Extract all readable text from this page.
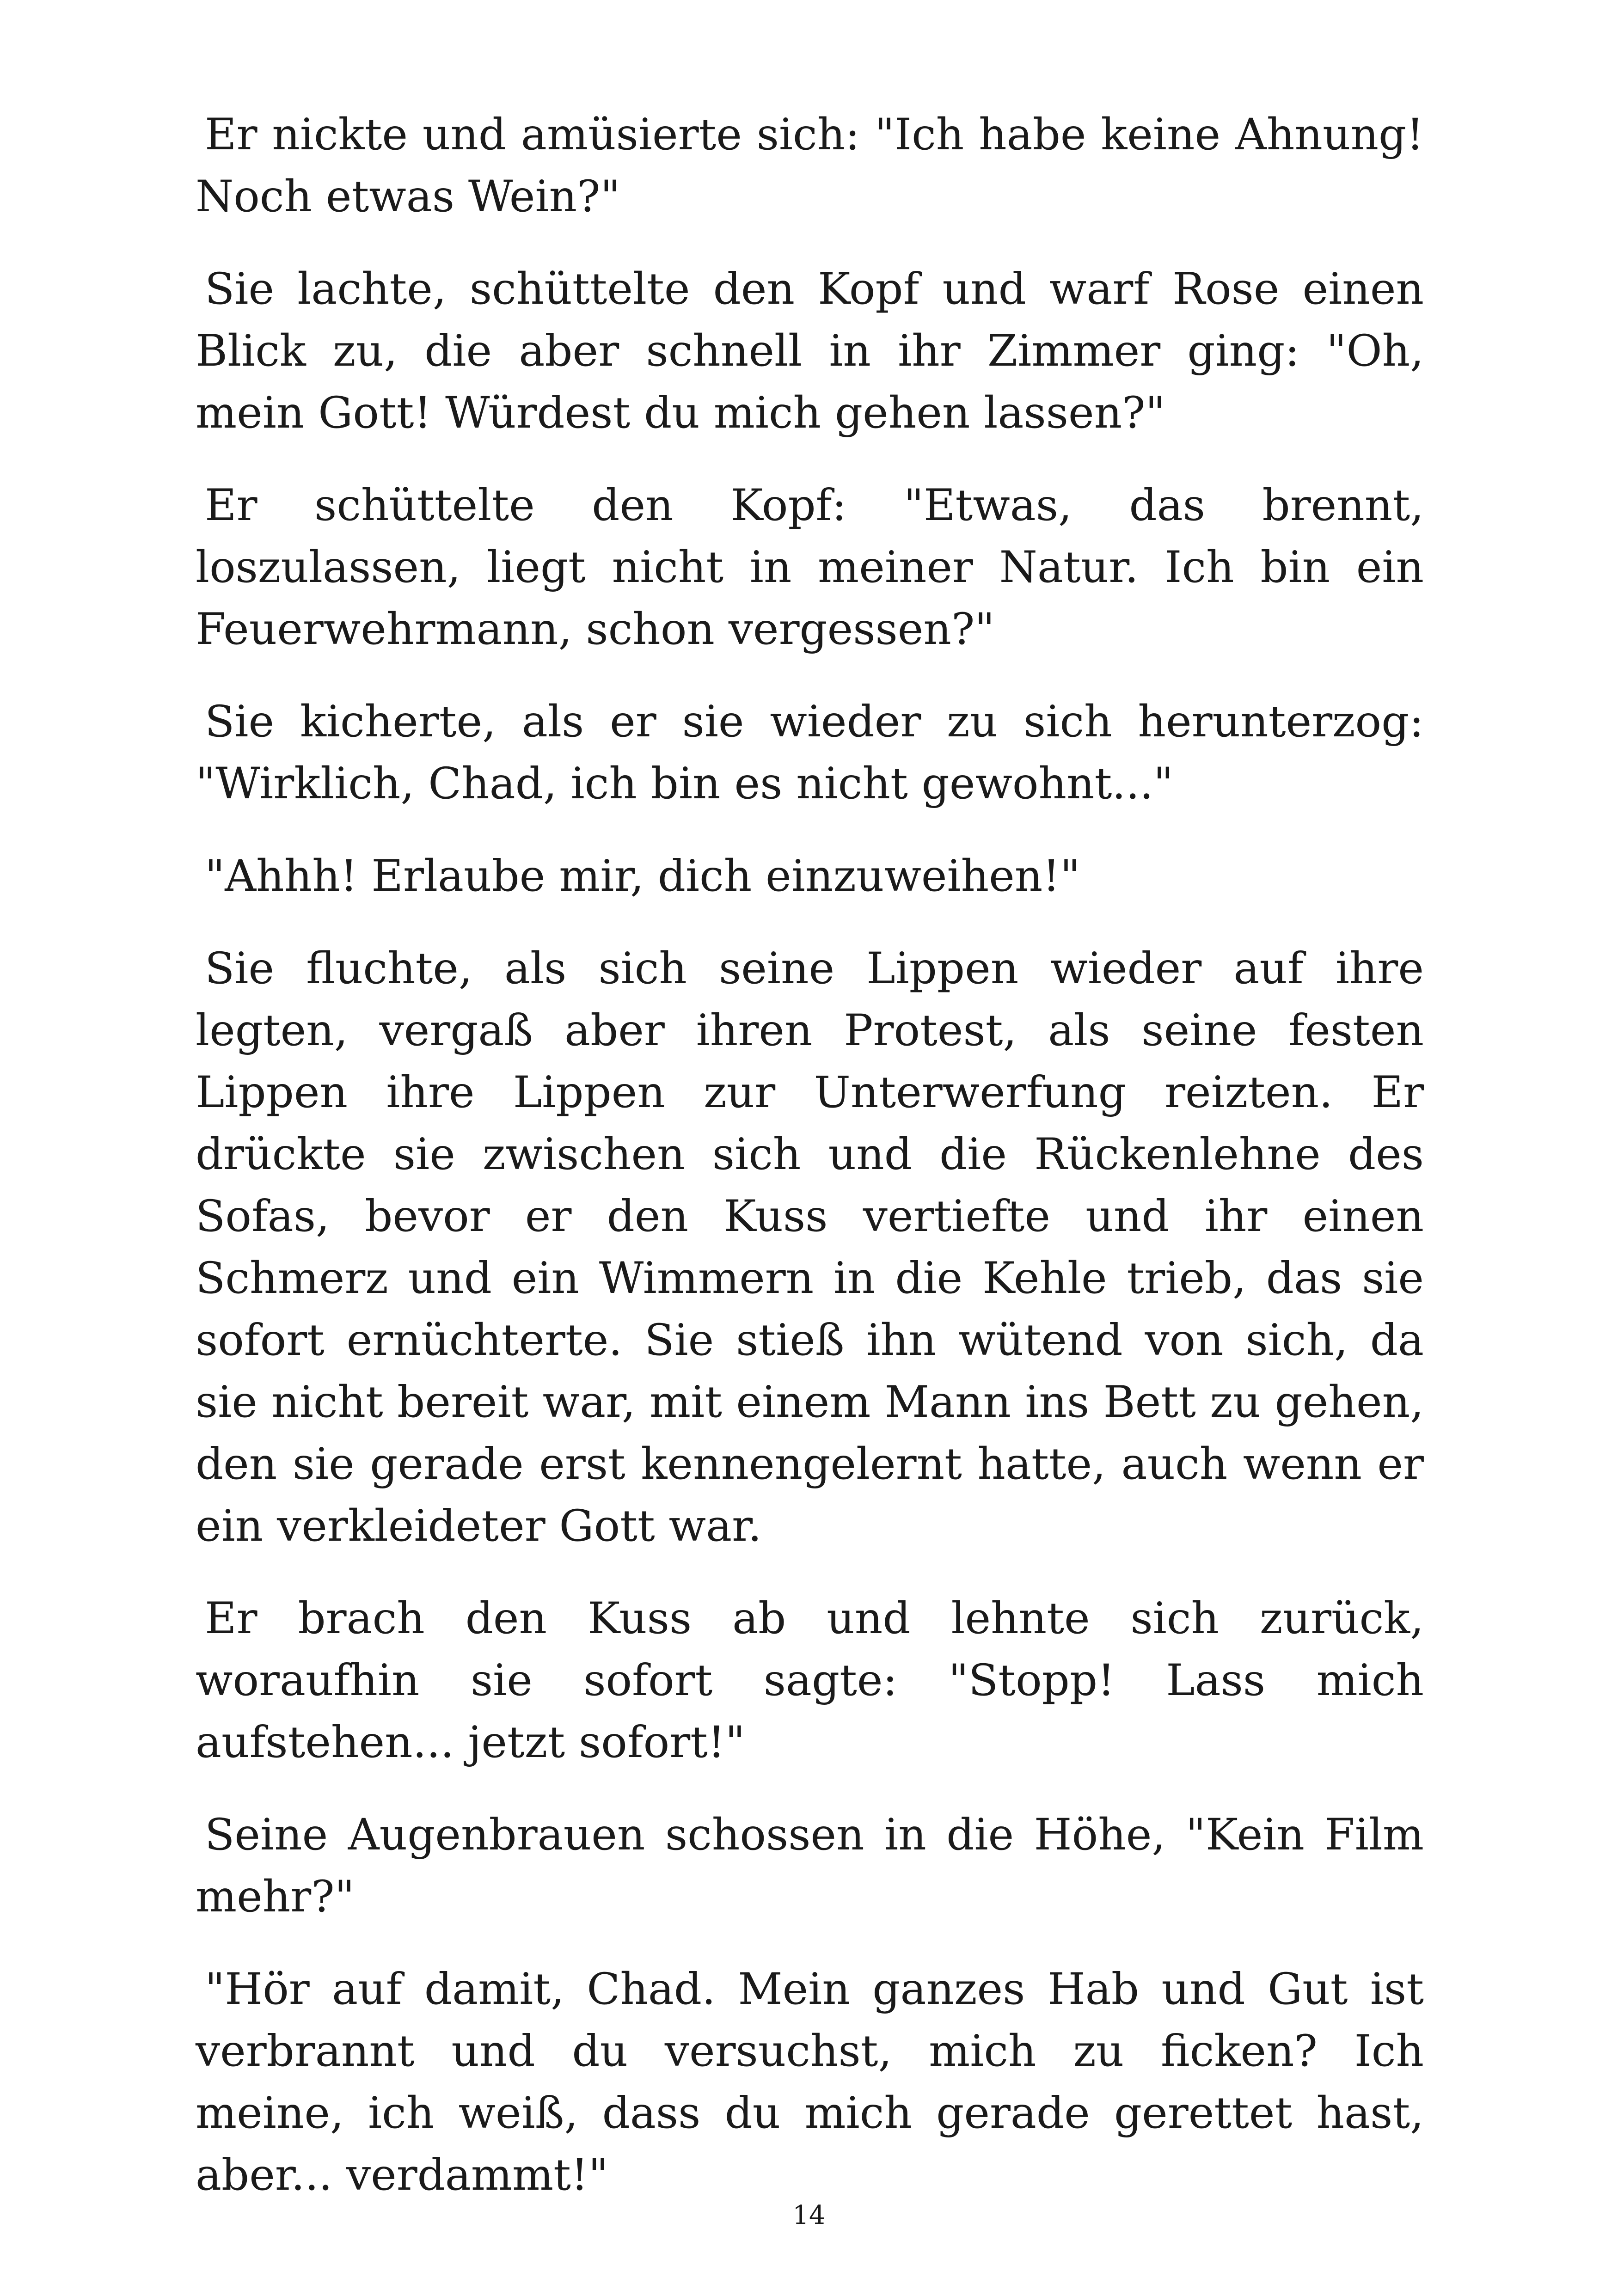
Er nickte und amüsierte sich: "Ich habe keine Ahnung! Noch etwas Wein?"

Sie lachte, schüttelte den Kopf und warf Rose einen Blick zu, die aber schnell in ihr Zimmer ging: "Oh, mein Gott! Würdest du mich gehen lassen?"

Er schüttelte den Kopf: "Etwas, das brennt, loszulassen, liegt nicht in meiner Natur. Ich bin ein Feuerwehrmann, schon vergessen?"

Sie kicherte, als er sie wieder zu sich herunterzog: "Wirklich, Chad, ich bin es nicht gewohnt..."

"Ahhh! Erlaube mir, dich einzuweihen!"

Sie fluchte, als sich seine Lippen wieder auf ihre legten, vergaß aber ihren Protest, als seine festen Lippen ihre Lippen zur Unterwerfung reizten. Er drückte sie zwischen sich und die Rückenlehne des Sofas, bevor er den Kuss vertiefte und ihr einen Schmerz und ein Wimmern in die Kehle trieb, das sie sofort ernüchterte. Sie stieß ihn wütend von sich, da sie nicht bereit war, mit einem Mann ins Bett zu gehen, den sie gerade erst kennengelernt hatte, auch wenn er ein verkleideter Gott war.

Er brach den Kuss ab und lehnte sich zurück, woraufhin sie sofort sagte: "Stopp! Lass mich aufstehen... jetzt sofort!"

Seine Augenbrauen schossen in die Höhe, "Kein Film mehr?"

"Hör auf damit, Chad. Mein ganzes Hab und Gut ist verbrannt und du versuchst, mich zu ficken? Ich meine, ich weiß, dass du mich gerade gerettet hast, aber... verdammt!"

14
